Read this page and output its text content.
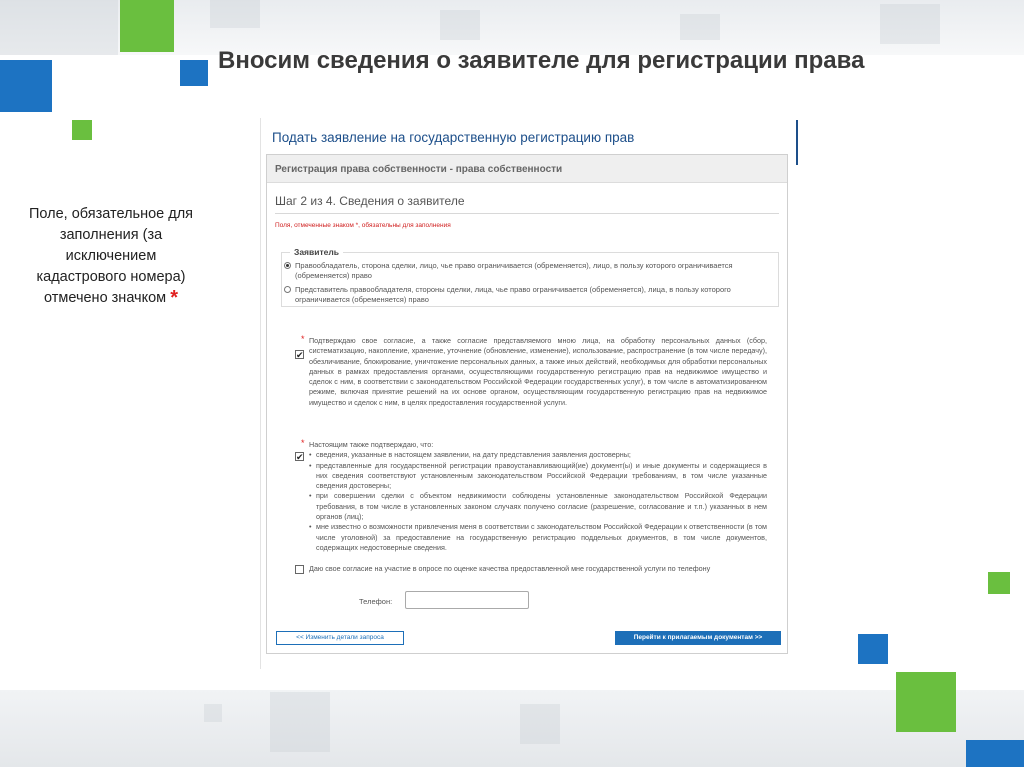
Вносим сведения о заявителе для регистрации права
Поле, обязательное для заполнения (за исключением кадастрового номера) отмечено значком *
Подать заявление на государственную регистрацию прав
Регистрация права собственности - права собственности
Шаг 2 из 4. Сведения о заявителе
Поля, отмеченные знаком *, обязательны для заполнения
Заявитель
Правообладатель, сторона сделки, лицо, чье право ограничивается (обременяется), лицо, в пользу которого ограничивается (обременяется) право
Представитель правообладателя, стороны сделки, лица, чье право ограничивается (обременяется), лица, в пользу которого ограничивается (обременяется) право
*
✔
Подтверждаю свое согласие, а также согласие представляемого мною лица, на обработку персональных данных (сбор, систематизацию, накопление, хранение, уточнение (обновление, изменение), использование, распространение (в том числе передачу), обезличивание, блокирование, уничтожение персональных данных, а также иных действий, необходимых для обработки персональных данных в рамках предоставления органами, осуществляющими государственную регистрацию прав на недвижимое имущество и сделок с ним, в соответствии с законодательством Российской Федерации государственных услуг), в том числе в автоматизированном режиме, включая принятие решений на их основе органом, осуществляющим государственную регистрацию прав на недвижимое имущество и сделок с ним, в целях предоставления государственной услуги.
*
✔
Настоящим также подтверждаю, что:
• сведения, указанные в настоящем заявлении, на дату представления заявления достоверны;
• представленные для государственной регистрации правоустанавливающий(ие) документ(ы) и иные документы и содержащиеся в них сведения соответствуют установленным законодательством Российской Федерации требованиям, в том числе указанные сведения достоверны;
• при совершении сделки с объектом недвижимости соблюдены установленные законодательством Российской Федерации требования, в том числе в установленных законом случаях получено согласие (разрешение, согласование и т.п.) указанных в нем органов (лиц);
• мне известно о возможности привлечения меня в соответствии с законодательством Российской Федерации к ответственности (в том числе уголовной) за предоставление на государственную регистрацию поддельных документов, в том числе документов, содержащих недостоверные сведения.
Даю свое согласие на участие в опросе по оценке качества предоставленной мне государственной услуги по телефону
Телефон:
<< Изменить детали запроса	Перейти к прилагаемым документам >>
